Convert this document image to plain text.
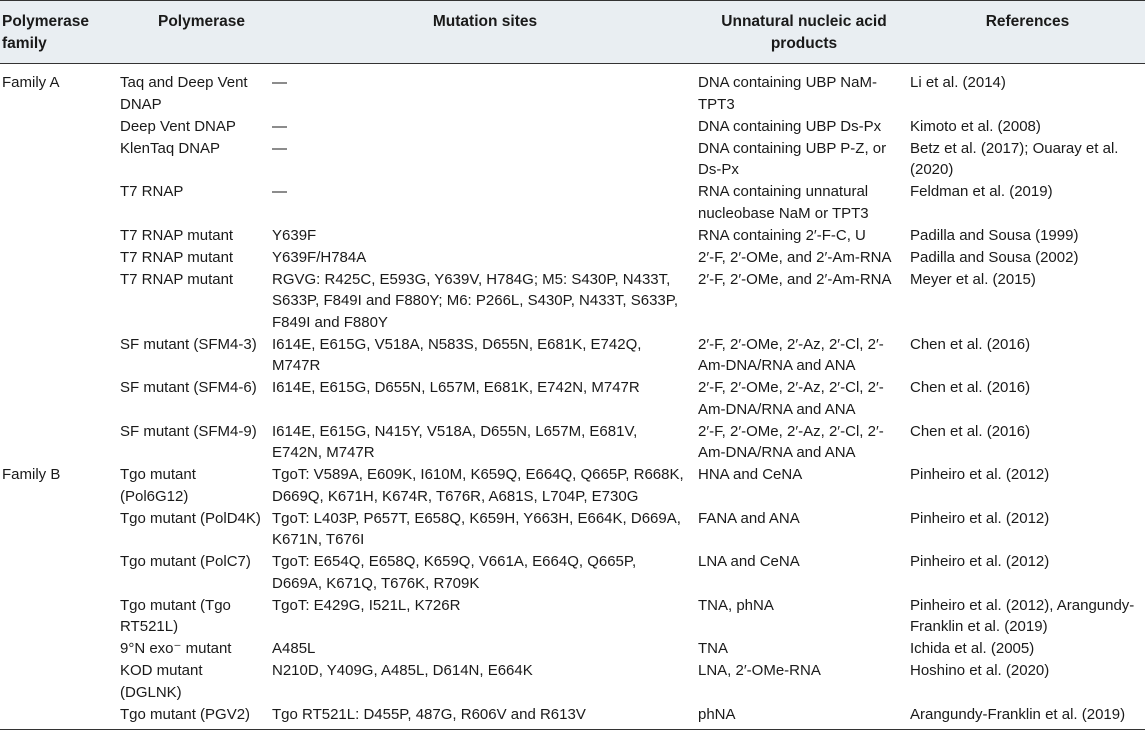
Polymerase family	Polymerase	Mutation sites	Unnatural nucleic acid products	References
Family A	Taq and Deep Vent DNAP	—	DNA containing UBP NaM-TPT3	Li et al. (2014)
	Deep Vent DNAP	—	DNA containing UBP Ds-Px	Kimoto et al. (2008)
	KlenTaq DNAP	—	DNA containing UBP P-Z, or Ds-Px	Betz et al. (2017); Ouaray et al. (2020)
	T7 RNAP	—	RNA containing unnatural nucleobase NaM or TPT3	Feldman et al. (2019)
	T7 RNAP mutant	Y639F	RNA containing 2′-F-C, U	Padilla and Sousa (1999)
	T7 RNAP mutant	Y639F/H784A	2′-F, 2′-OMe, and 2′-Am-RNA	Padilla and Sousa (2002)
	T7 RNAP mutant	RGVG: R425C, E593G, Y639V, H784G; M5: S430P, N433T, S633P, F849I and F880Y; M6: P266L, S430P, N433T, S633P, F849I and F880Y	2′-F, 2′-OMe, and 2′-Am-RNA	Meyer et al. (2015)
	SF mutant (SFM4-3)	I614E, E615G, V518A, N583S, D655N, E681K, E742Q, M747R	2′-F, 2′-OMe, 2′-Az, 2′-Cl, 2′-Am-DNA/RNA and ANA	Chen et al. (2016)
	SF mutant (SFM4-6)	I614E, E615G, D655N, L657M, E681K, E742N, M747R	2′-F, 2′-OMe, 2′-Az, 2′-Cl, 2′-Am-DNA/RNA and ANA	Chen et al. (2016)
	SF mutant (SFM4-9)	I614E, E615G, N415Y, V518A, D655N, L657M, E681V, E742N, M747R	2′-F, 2′-OMe, 2′-Az, 2′-Cl, 2′-Am-DNA/RNA and ANA	Chen et al. (2016)
Family B	Tgo mutant (Pol6G12)	TgoT: V589A, E609K, I610M, K659Q, E664Q, Q665P, R668K, D669Q, K671H, K674R, T676R, A681S, L704P, E730G	HNA and CeNA	Pinheiro et al. (2012)
	Tgo mutant (PolD4K)	TgoT: L403P, P657T, E658Q, K659H, Y663H, E664K, D669A, K671N, T676I	FANA and ANA	Pinheiro et al. (2012)
	Tgo mutant (PolC7)	TgoT: E654Q, E658Q, K659Q, V661A, E664Q, Q665P, D669A, K671Q, T676K, R709K	LNA and CeNA	Pinheiro et al. (2012)
	Tgo mutant (Tgo RT521L)	TgoT: E429G, I521L, K726R	TNA, phNA	Pinheiro et al. (2012), Arangundy-Franklin et al. (2019)
	9°N exo⁻ mutant	A485L	TNA	Ichida et al. (2005)
	KOD mutant (DGLNK)	N210D, Y409G, A485L, D614N, E664K	LNA, 2′-OMe-RNA	Hoshino et al. (2020)
	Tgo mutant (PGV2)	Tgo RT521L: D455P, 487G, R606V and R613V	phNA	Arangundy-Franklin et al. (2019)
